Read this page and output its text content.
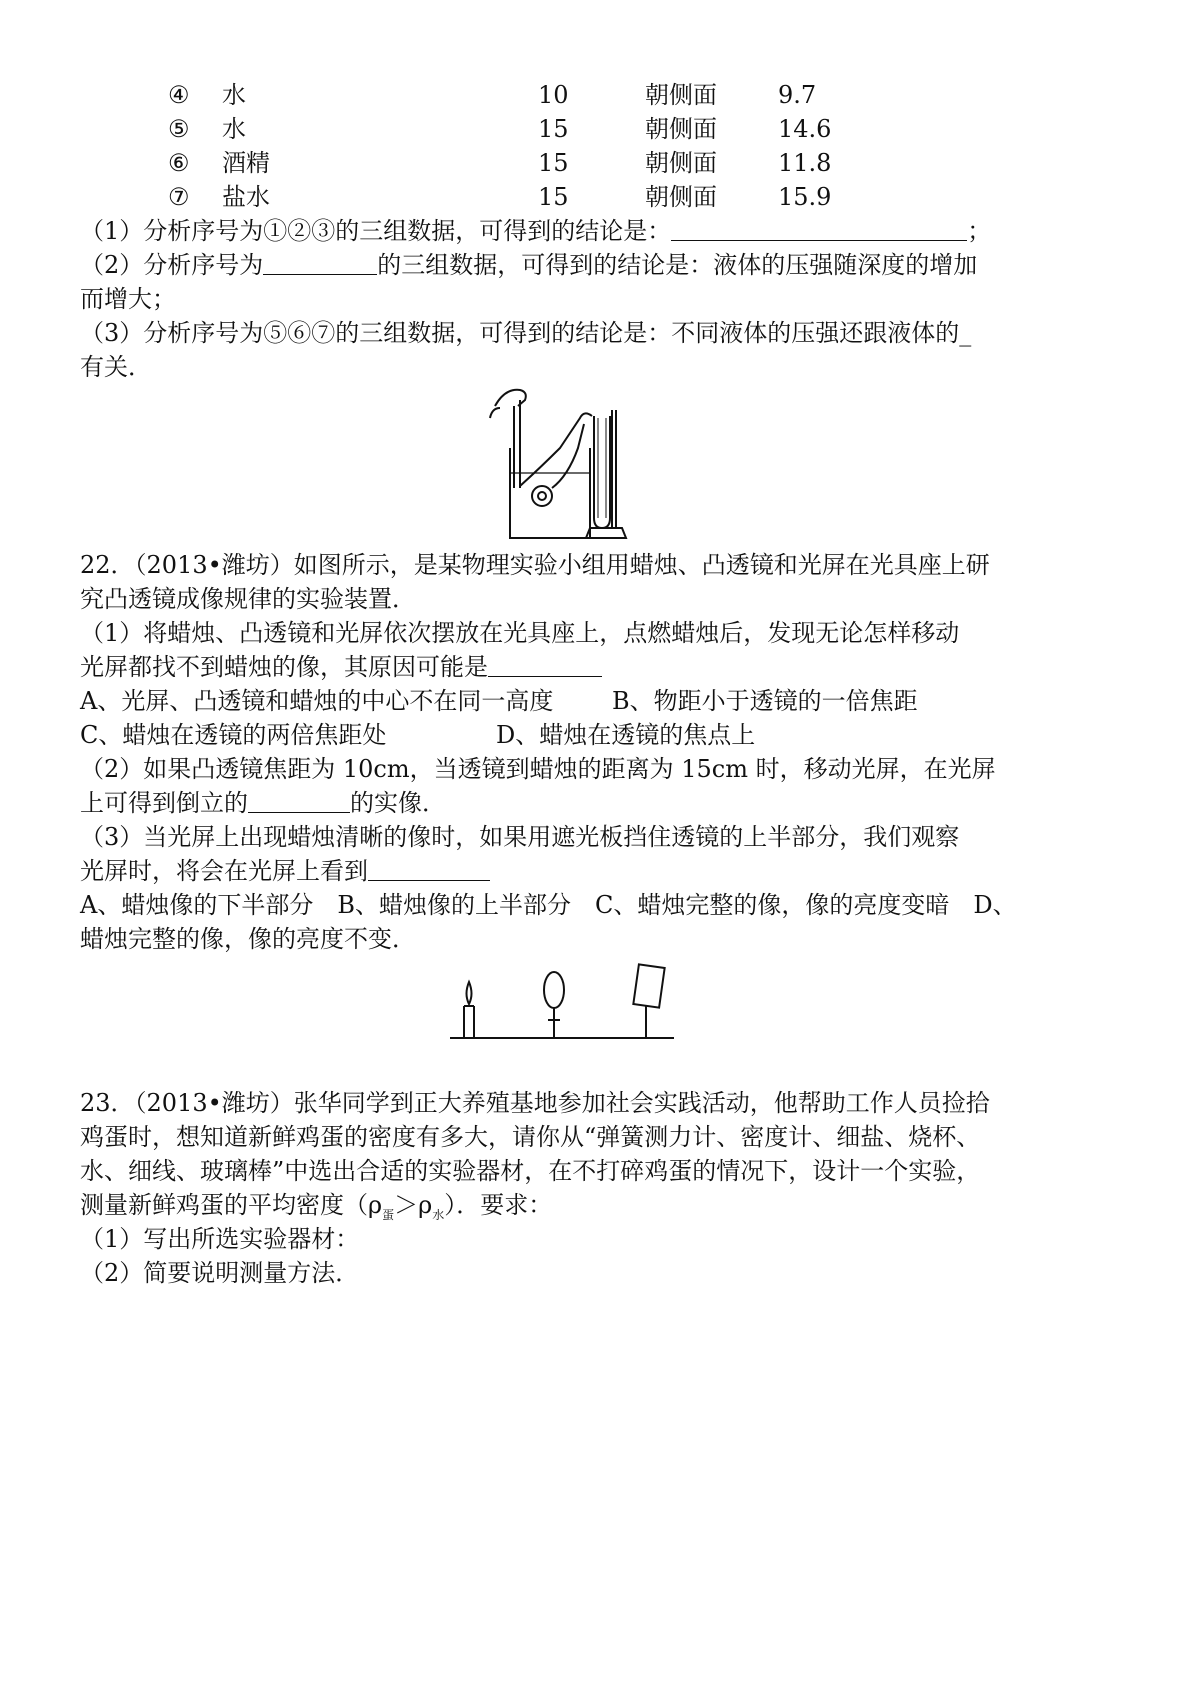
④ 水	10	朝侧面	9.7
⑤ 水	15	朝侧面	14.6
⑥ 酒精	15	朝侧面	11.8
⑦ 盐水	15	朝侧面	15.9
（1）分析序号为①②③的三组数据，可得到的结论是：	；
（2）分析序号为	的三组数据，可得到的结论是：液体的压强随深度的增加
而增大；
（3）分析序号为⑤⑥⑦的三组数据，可得到的结论是：不同液体的压强还跟液体的_
有关．
22．（2013•潍坊）如图所示，是某物理实验小组用蜡烛、凸透镜和光屏在光具座上研
究凸透镜成像规律的实验装置．
（1）将蜡烛、凸透镜和光屏依次摆放在光具座上，点燃蜡烛后，发现无论怎样移动
光屏都找不到蜡烛的像，其原因可能是
A、光屏、凸透镜和蜡烛的中心不在同一高度 B、物距小于透镜的一倍焦距
C、蜡烛在透镜的两倍焦距处	D、蜡烛在透镜的焦点上
（2）如果凸透镜焦距为 10cm，当透镜到蜡烛的距离为 15cm 时，移动光屏，在光屏
上可得到倒立的	的实像．
（3）当光屏上出现蜡烛清晰的像时，如果用遮光板挡住透镜的上半部分，我们观察
光屏时，将会在光屏上看到
A、蜡烛像的下半部分　B、蜡烛像的上半部分　C、蜡烛完整的像，像的亮度变暗　D、
蜡烛完整的像，像的亮度不变．
23．（2013•潍坊）张华同学到正大养殖基地参加社会实践活动，他帮助工作人员捡拾
鸡蛋时，想知道新鲜鸡蛋的密度有多大，请你从“弹簧测力计、密度计、细盐、烧杯、
水、细线、玻璃棒”中选出合适的实验器材，在不打碎鸡蛋的情况下，设计一个实验，
测量新鲜鸡蛋的平均密度$(\rho_蛋>\rho_水)$．要求：
（1）写出所选实验器材：
（2）简要说明测量方法．
